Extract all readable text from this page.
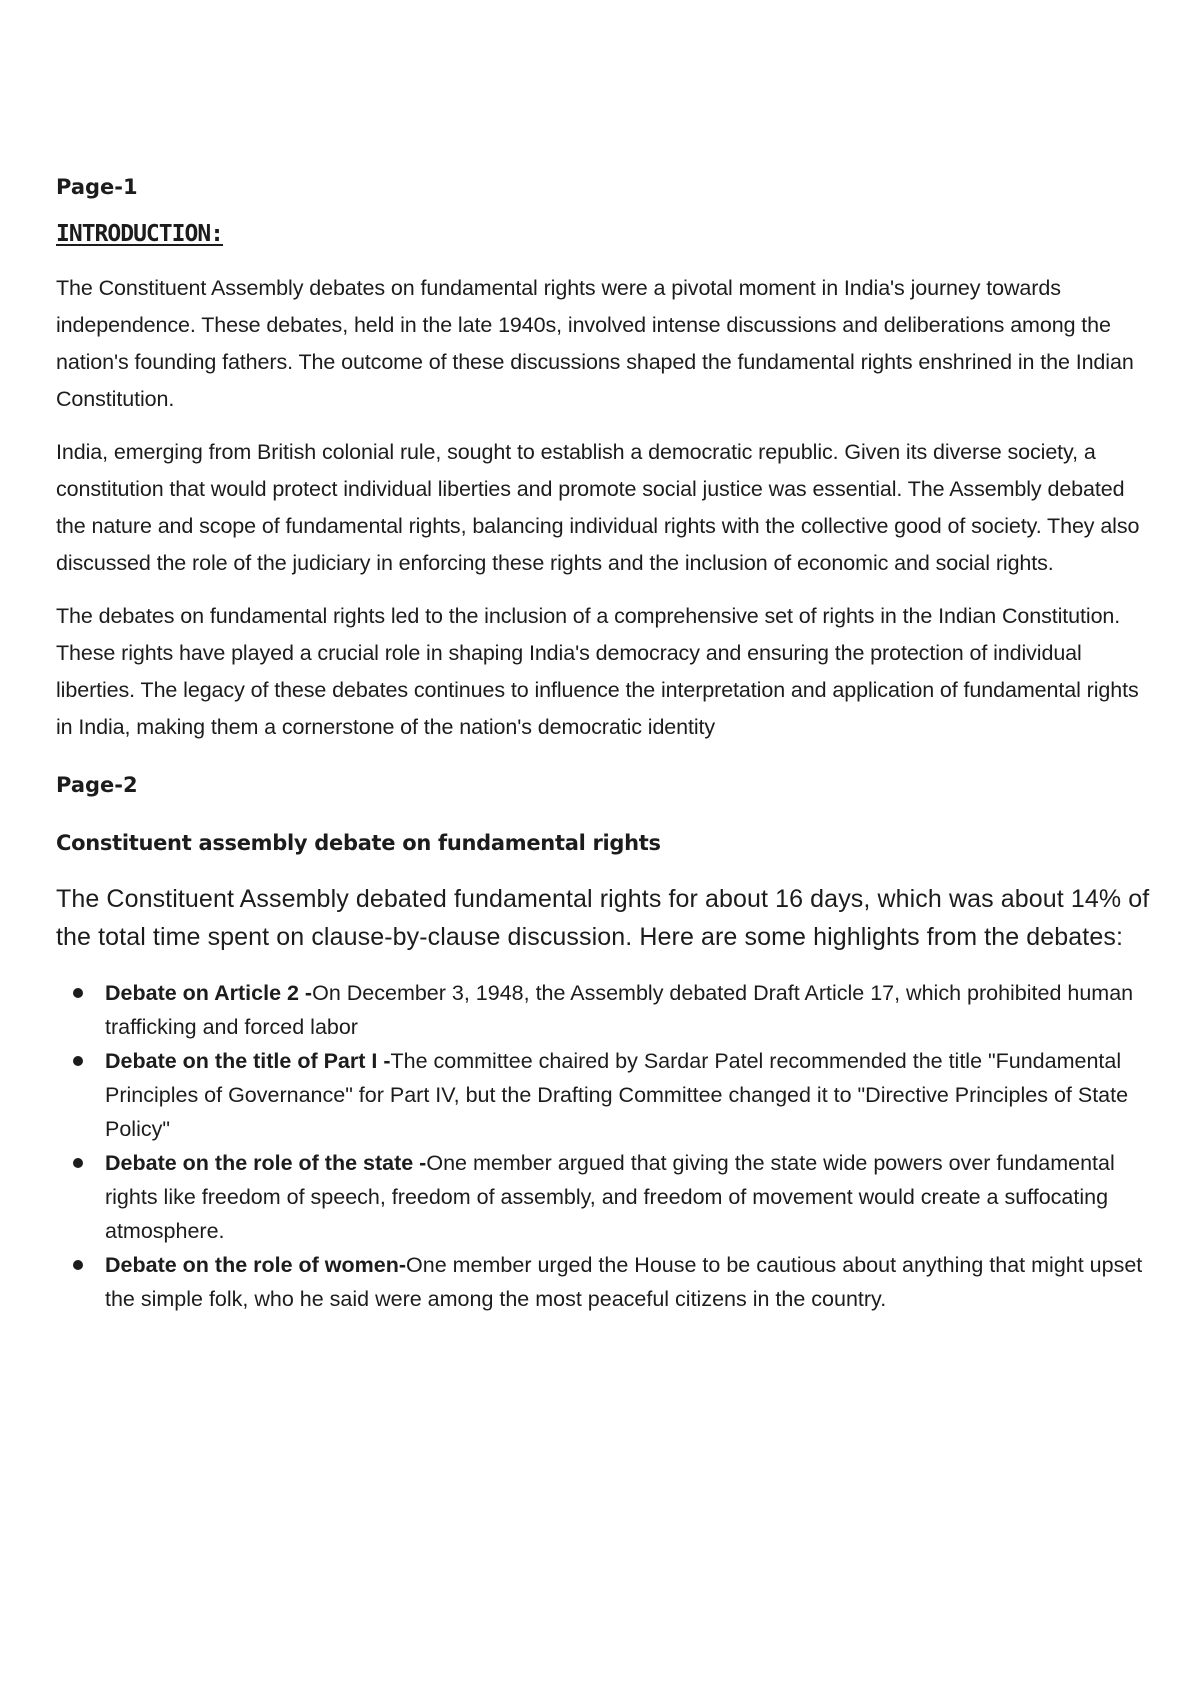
Page-1

INTRODUCTION:

The Constituent Assembly debates on fundamental rights were a pivotal moment in India's journey towards independence. These debates, held in the late 1940s, involved intense discussions and deliberations among the nation's founding fathers. The outcome of these discussions shaped the fundamental rights enshrined in the Indian Constitution.

India, emerging from British colonial rule, sought to establish a democratic republic. Given its diverse society, a constitution that would protect individual liberties and promote social justice was essential. The Assembly debated the nature and scope of fundamental rights, balancing individual rights with the collective good of society. They also discussed the role of the judiciary in enforcing these rights and the inclusion of economic and social rights.

The debates on fundamental rights led to the inclusion of a comprehensive set of rights in the Indian Constitution. These rights have played a crucial role in shaping India's democracy and ensuring the protection of individual liberties. The legacy of these debates continues to influence the interpretation and application of fundamental rights in India, making them a cornerstone of the nation's democratic identity

Page-2

Constituent assembly debate on fundamental rights

The Constituent Assembly debated fundamental rights for about 16 days, which was about 14% of the total time spent on clause-by-clause discussion. Here are some highlights from the debates:

Debate on Article 2 -On December 3, 1948, the Assembly debated Draft Article 17, which prohibited human trafficking and forced labor
Debate on the title of Part I -The committee chaired by Sardar Patel recommended the title "Fundamental Principles of Governance" for Part IV, but the Drafting Committee changed it to "Directive Principles of State Policy"
Debate on the role of the state -One member argued that giving the state wide powers over fundamental rights like freedom of speech, freedom of assembly, and freedom of movement would create a suffocating atmosphere.
Debate on the role of women-One member urged the House to be cautious about anything that might upset the simple folk, who he said were among the most peaceful citizens in the country.
